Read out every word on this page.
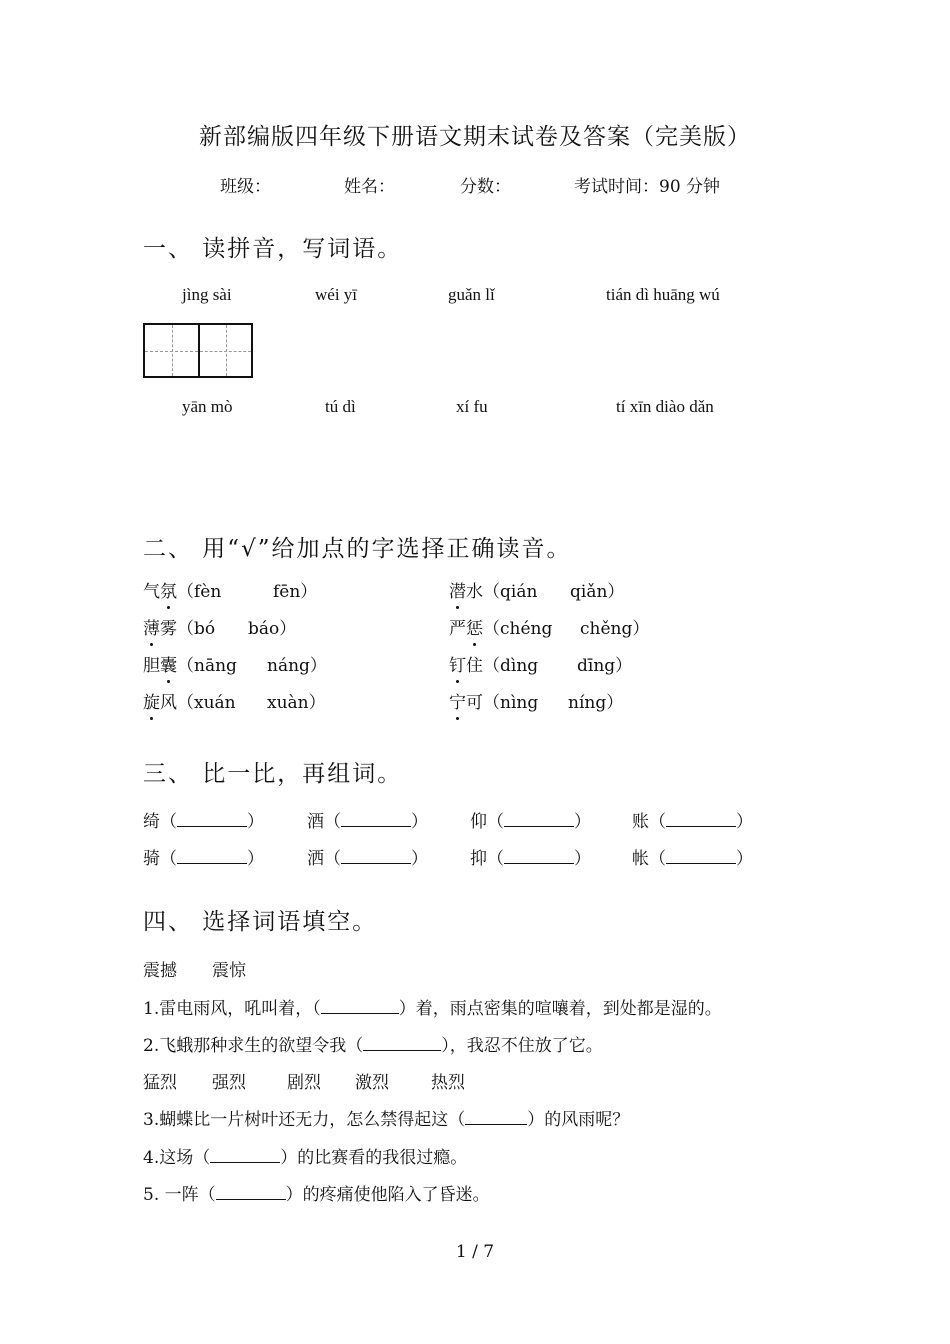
新部编版四年级下册语文期末试卷及答案（完美版）
班级：	姓名：	分数：	考试时间：90 分钟
一、 读拼音，写词语。
jìng sài	wéi yī	guǎn lǐ	tián dì huāng wú
yān mò	tú dì	xí fu	tí xīn diào dǎn
二、 用“√”给加点的字选择正确读音。
气氛（fèn	fēn）	潜水（qián qiǎn）
薄雾（bó báo）	严惩（chéng chěng）
胆囊（nāng náng）	钉住（dìng dīng）
旋风（xuán xuàn）	宁可（nìng níng）
三、 比一比，再组词。
绮（	）	酒（	） 仰（	） 账（	）
骑（	）	洒（	） 抑（	） 帐（	）
四、 选择词语填空。
震撼 震惊
1.雷电雨风，吼叫着，（	）着，雨点密集的喧嚷着，到处都是湿的。
2.飞蛾那种求生的欲望令我（	），我忍不住放了它。
猛烈 强烈 剧烈 激烈 热烈
3.蝴蝶比一片树叶还无力，怎么禁得起这（	）的风雨呢？
4.这场（	）的比赛看的我很过瘾。
5. 一阵（	）的疼痛使他陷入了昏迷。
1 / 7
